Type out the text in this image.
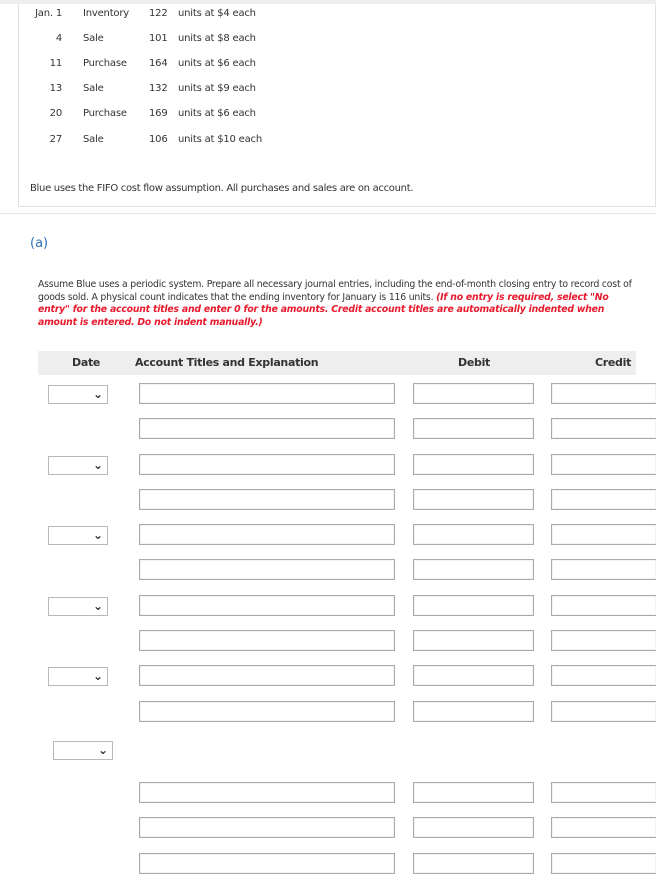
Jan. 1 Inventory 122 units at $4 each
4 Sale	101 units at $8 each
11 Purchase 164 units at $6 each
13 Sale	132 units at $9 each
20 Purchase 169 units at $6 each
27 Sale	106 units at $10 each
Blue uses the FIFO cost flow assumption. All purchases and sales are on account.
(a)
Assume Blue uses a periodic system. Prepare all necessary journal entries, including the end-of-month closing entry to record cost of goods sold. A physical count indicates that the ending inventory for January is 116 units. (If no entry is required, select "No entry" for the account titles and enter 0 for the amounts. Credit account titles are automatically indented when amount is entered. Do not indent manually.)
Date	Account Titles and Explanation	Debit	Credit
⌄
⌄
⌄
⌄
⌄
⌄
